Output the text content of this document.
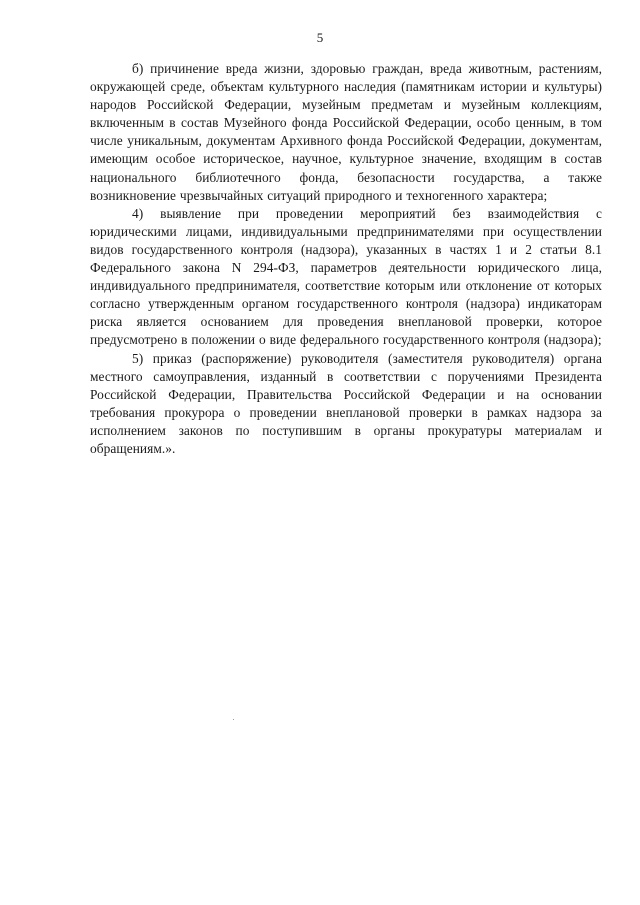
5

б) причинение вреда жизни, здоровью граждан, вреда животным, растениям, окружающей среде, объектам культурного наследия (памятникам истории и культуры) народов Российской Федерации, музейным предметам и музейным коллекциям, включенным в состав Музейного фонда Российской Федерации, особо ценным, в том числе уникальным, документам Архивного фонда Российской Федерации, документам, имеющим особое историческое, научное, культурное значение, входящим в состав национального библиотечного фонда, безопасности государства, а также возникновение чрезвычайных ситуаций природного и техногенного характера;

4) выявление при проведении мероприятий без взаимодействия с юридическими лицами, индивидуальными предпринимателями при осуществлении видов государственного контроля (надзора), указанных в частях 1 и 2 статьи 8.1 Федерального закона N 294-ФЗ, параметров деятельности юридического лица, индивидуального предпринимателя, соответствие которым или отклонение от которых согласно утвержденным органом государственного контроля (надзора) индикаторам риска является основанием для проведения внеплановой проверки, которое предусмотрено в положении о виде федерального государственного контроля (надзора);

5) приказ (распоряжение) руководителя (заместителя руководителя) органа местного самоуправления, изданный в соответствии с поручениями Президента Российской Федерации, Правительства Российской Федерации и на основании требования прокурора о проведении внеплановой проверки в рамках надзора за исполнением законов по поступившим в органы прокуратуры материалам и обращениям.».
